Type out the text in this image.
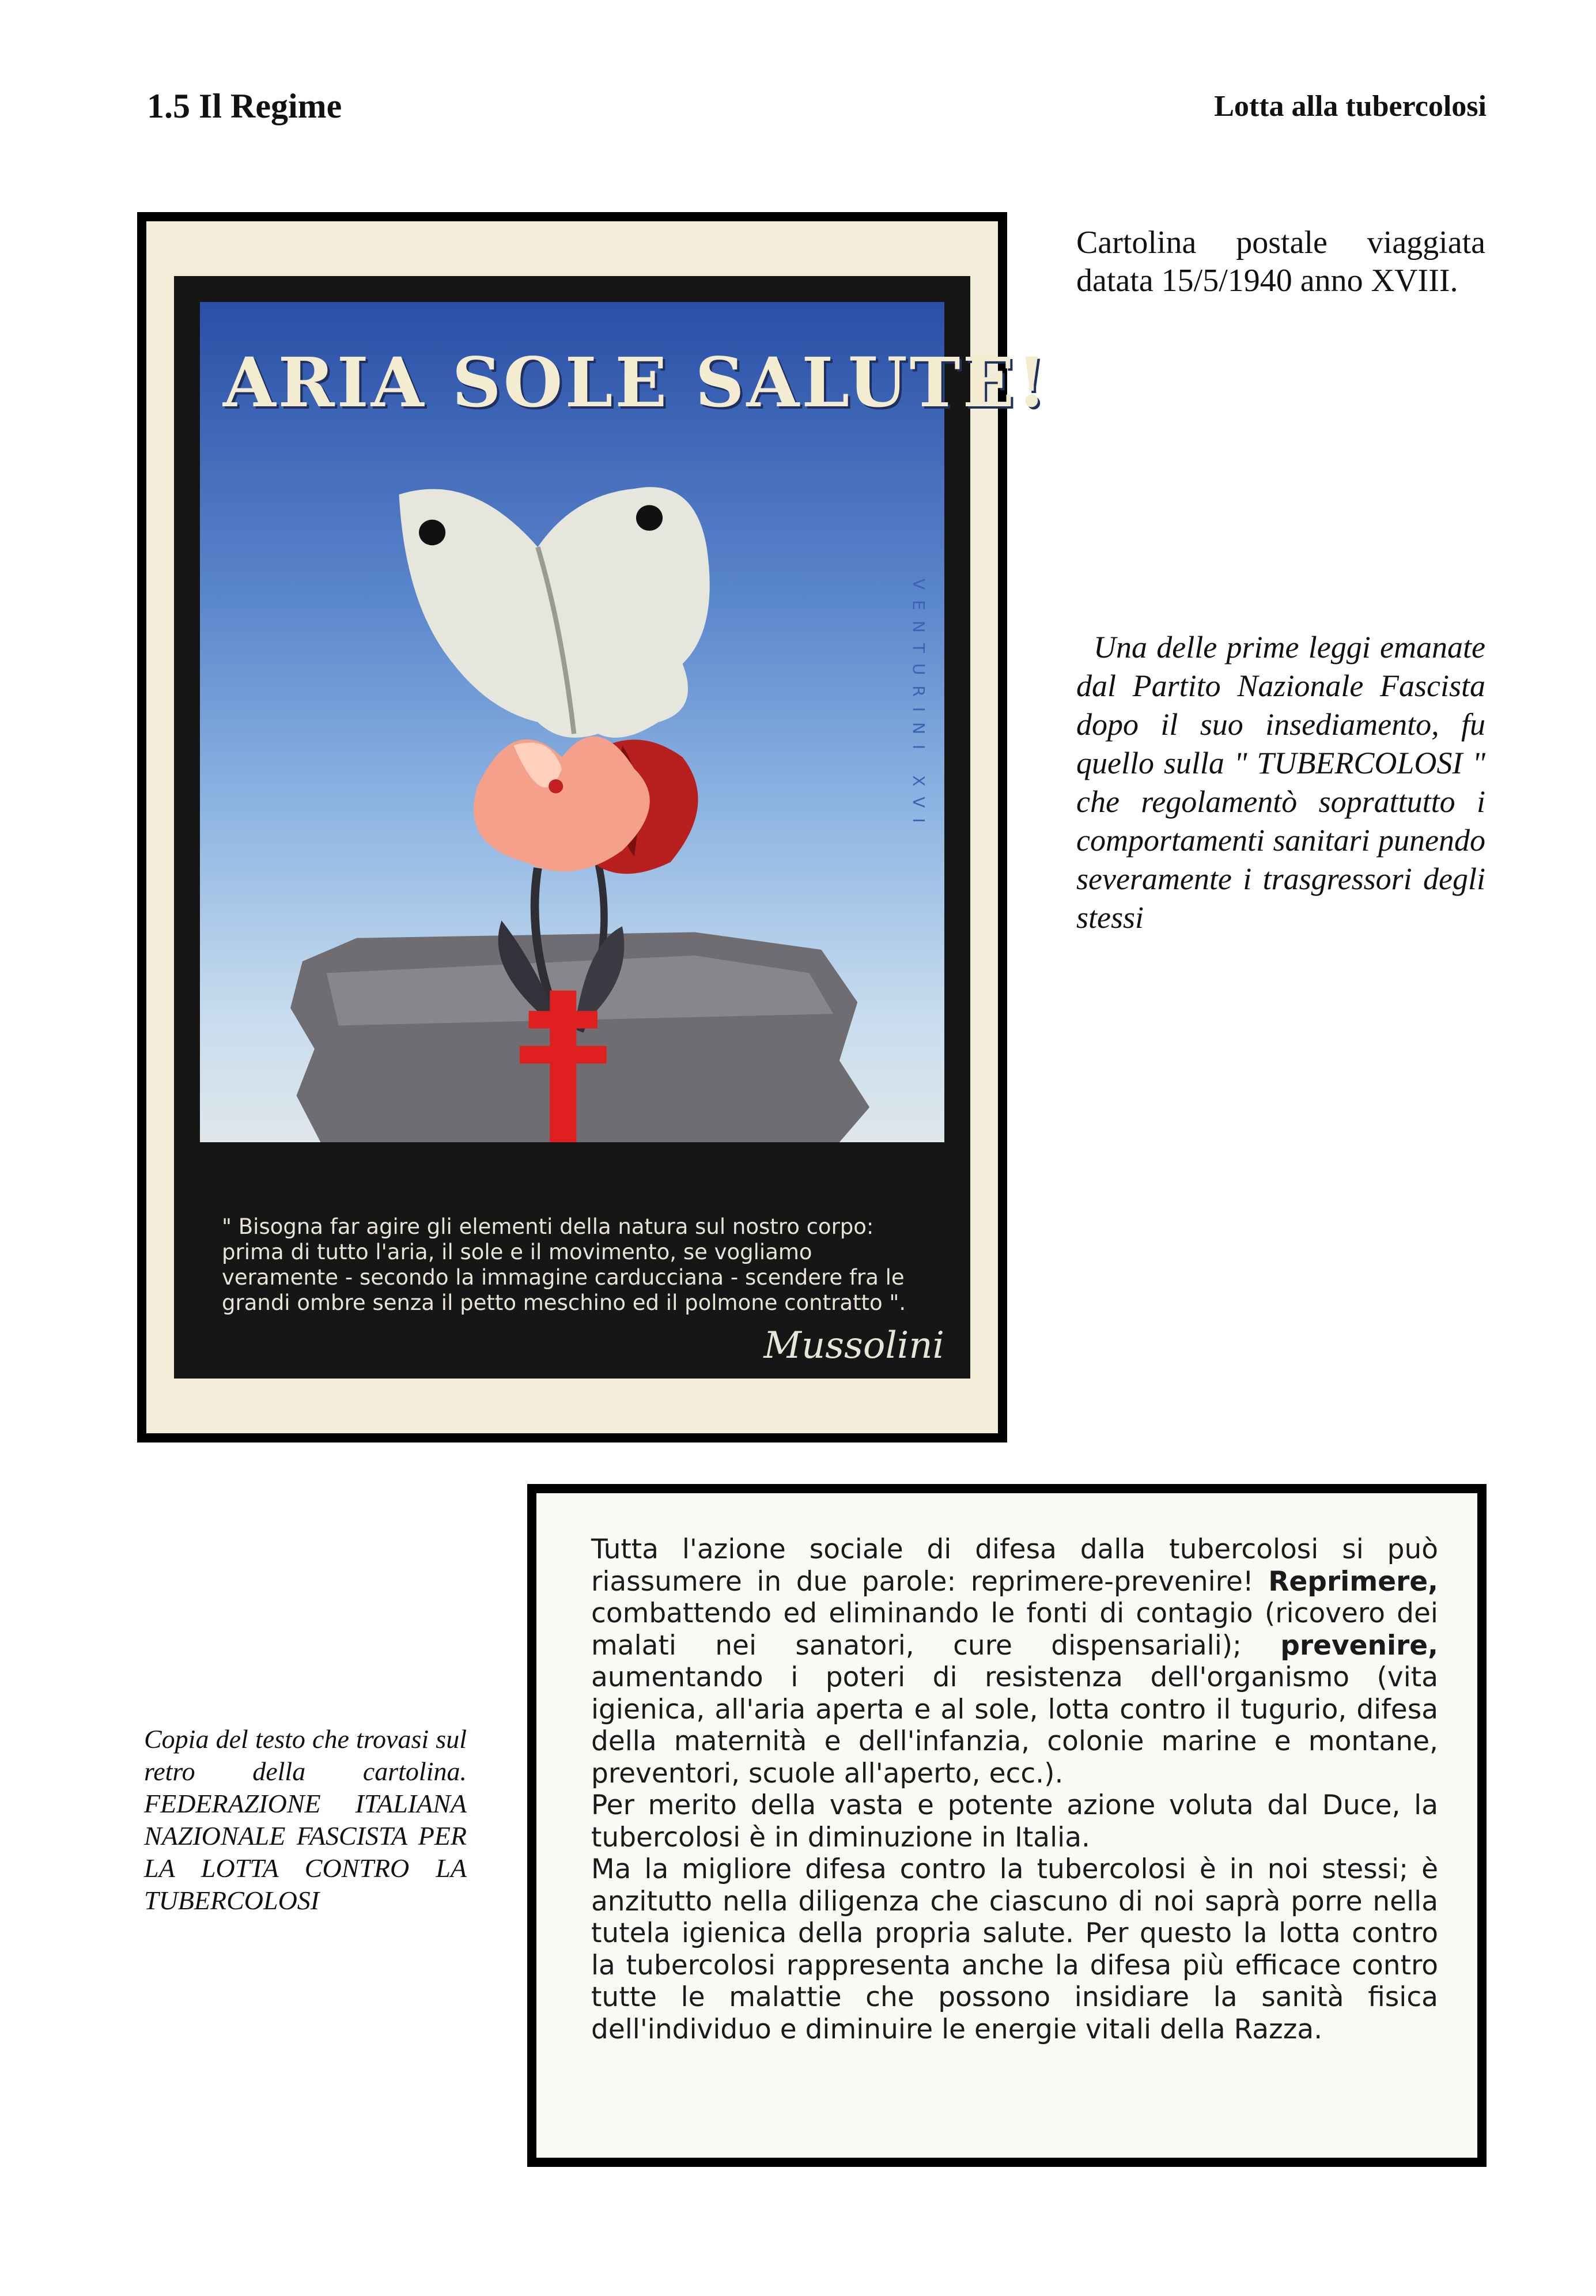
1.5 Il Regime	Lotta alla tubercolosi
ARIA SOLE SALUTE!
VENTURINI XVI
" Bisogna far agire gli elementi della natura sul nostro corpo: prima di tutto l'aria, il sole e il movimento, se vogliamo veramente - secondo la immagine carducciana - scendere fra le grandi ombre senza il petto meschino ed il polmone contratto ".
Mussolini
Cartolina postale viaggiata datata 15/5/1940 anno XVIII.
Una delle prime leggi emanate dal Partito Nazionale Fascista dopo il suo insediamento, fu quello sulla " TUBERCOLOSI " che regolamentò soprattutto i comportamenti sanitari punendo severamente i trasgressori degli stessi
Copia del testo che trovasi sul retro della cartolina. FEDERAZIONE ITALIANA NAZIONALE FASCISTA PER LA LOTTA CONTRO LA TUBERCOLOSI
Tutta l'azione sociale di difesa dalla tubercolosi si può riassumere in due parole: reprimere-prevenire! Reprimere, combattendo ed eliminando le fonti di contagio (ricovero dei malati nei sanatori, cure dispensariali); prevenire, aumentando i poteri di resistenza dell'organismo (vita igienica, all'aria aperta e al sole, lotta contro il tugurio, difesa della maternità e dell'infanzia, colonie marine e montane, preventori, scuole all'aperto, ecc.).
Per merito della vasta e potente azione voluta dal Duce, la tubercolosi è in diminuzione in Italia.
Ma la migliore difesa contro la tubercolosi è in noi stessi; è anzitutto nella diligenza che ciascuno di noi saprà porre nella tutela igienica della propria salute. Per questo la lotta contro la tubercolosi rappresenta anche la difesa più efficace contro tutte le malattie che possono insidiare la sanità fisica dell'individuo e diminuire le energie vitali della Razza.
